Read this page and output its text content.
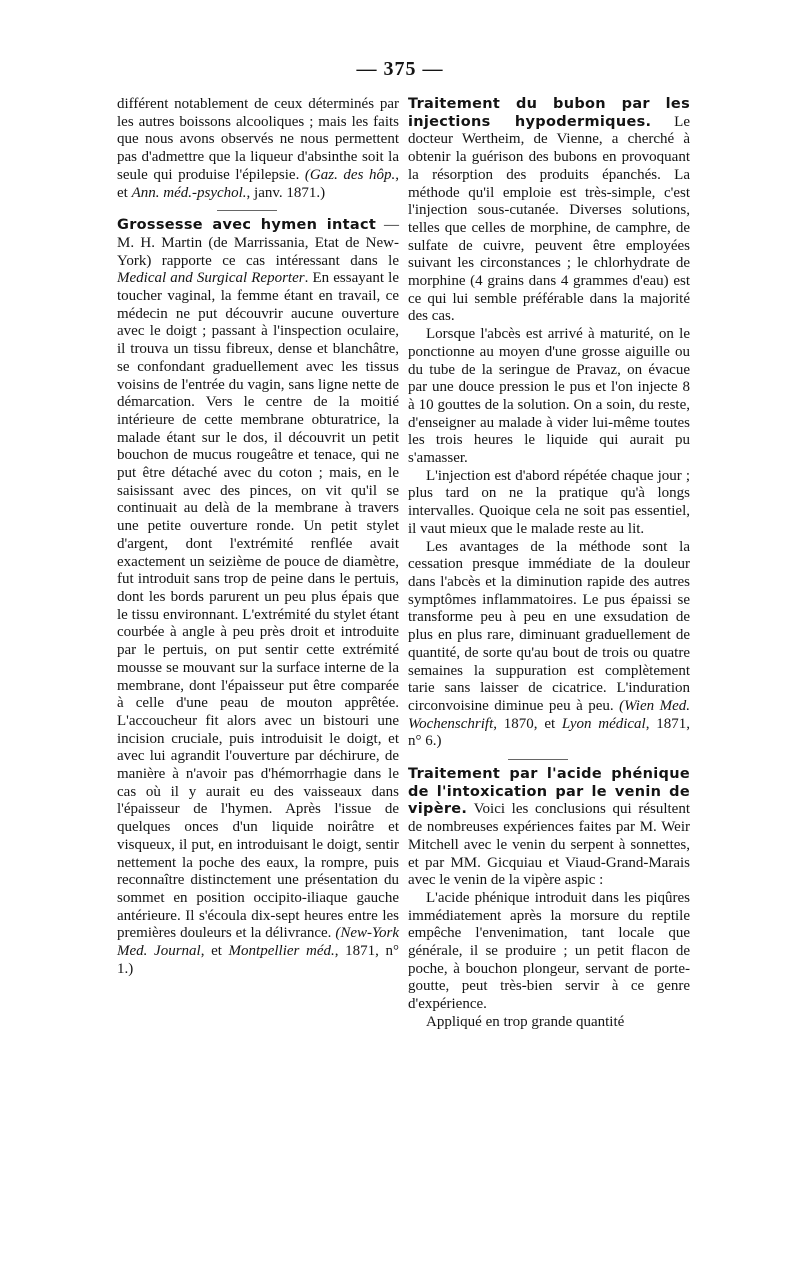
— 375 —

différent notablement de ceux déterminés par les autres boissons alcooliques ; mais les faits que nous avons observés ne nous permettent pas d'admettre que la liqueur d'absinthe soit la seule qui produise l'épilepsie. (Gaz. des hôp., et Ann. méd.-psychol., janv. 1871.)

Grossesse avec hymen intact — M. H. Martin (de Marrissania, Etat de New-York) rapporte ce cas intéressant dans le Medical and Surgical Reporter. En essayant le toucher vaginal, la femme étant en travail, ce médecin ne put découvrir aucune ouverture avec le doigt ; passant à l'inspection oculaire, il trouva un tissu fibreux, dense et blanchâtre, se confondant graduellement avec les tissus voisins de l'entrée du vagin, sans ligne nette de démarcation. Vers le centre de la moitié intérieure de cette membrane obturatrice, la malade étant sur le dos, il découvrit un petit bouchon de mucus rougeâtre et tenace, qui ne put être détaché avec du coton ; mais, en le saisissant avec des pinces, on vit qu'il se continuait au delà de la membrane à travers une petite ouverture ronde. Un petit stylet d'argent, dont l'extrémité renflée avait exactement un seizième de pouce de diamètre, fut introduit sans trop de peine dans le pertuis, dont les bords parurent un peu plus épais que le tissu environnant. L'extrémité du stylet étant courbée à angle à peu près droit et introduite par le pertuis, on put sentir cette extrémité mousse se mouvant sur la surface interne de la membrane, dont l'épaisseur put être comparée à celle d'une peau de mouton apprêtée. L'accoucheur fit alors avec un bistouri une incision cruciale, puis introduisit le doigt, et avec lui agrandit l'ouverture par déchirure, de manière à n'avoir pas d'hémorrhagie dans le cas où il y aurait eu des vaisseaux dans l'épaisseur de l'hymen. Après l'issue de quelques onces d'un liquide noirâtre et visqueux, il put, en introduisant le doigt, sentir nettement la poche des eaux, la rompre, puis reconnaître distinctement une présentation du sommet en position occipito-iliaque gauche antérieure. Il s'écoula dix-sept heures entre les premières douleurs et la délivrance. (New-York Med. Journal, et Montpellier méd., 1871, n° 1.)

Traitement du bubon par les injections hypodermiques. Le docteur Wertheim, de Vienne, a cherché à obtenir la guérison des bubons en provoquant la résorption des produits épanchés. La méthode qu'il emploie est très-simple, c'est l'injection sous-cutanée. Diverses solutions, telles que celles de morphine, de camphre, de sulfate de cuivre, peuvent être employées suivant les circonstances ; le chlorhydrate de morphine (4 grains dans 4 grammes d'eau) est ce qui lui semble préférable dans la majorité des cas.

Lorsque l'abcès est arrivé à maturité, on le ponctionne au moyen d'une grosse aiguille ou du tube de la seringue de Pravaz, on évacue par une douce pression le pus et l'on injecte 8 à 10 gouttes de la solution. On a soin, du reste, d'enseigner au malade à vider lui-même toutes les trois heures le liquide qui aurait pu s'amasser.

L'injection est d'abord répétée chaque jour ; plus tard on ne la pratique qu'à longs intervalles. Quoique cela ne soit pas essentiel, il vaut mieux que le malade reste au lit.

Les avantages de la méthode sont la cessation presque immédiate de la douleur dans l'abcès et la diminution rapide des autres symptômes inflammatoires. Le pus épaissi se transforme peu à peu en une exsudation de plus en plus rare, diminuant graduellement de quantité, de sorte qu'au bout de trois ou quatre semaines la suppuration est complètement tarie sans laisser de cicatrice. L'induration circonvoisine diminue peu à peu. (Wien Med. Wochenschrift, 1870, et Lyon médical, 1871, n° 6.)

Traitement par l'acide phénique de l'intoxication par le venin de vipère. Voici les conclusions qui résultent de nombreuses expériences faites par M. Weir Mitchell avec le venin du serpent à sonnettes, et par MM. Gicquiau et Viaud-Grand-Marais avec le venin de la vipère aspic :

L'acide phénique introduit dans les piqûres immédiatement après la morsure du reptile empêche l'envenimation, tant locale que générale, il se produire ; un petit flacon de poche, à bouchon plongeur, servant de porte-goutte, peut très-bien servir à ce genre d'expérience.

Appliqué en trop grande quantité
